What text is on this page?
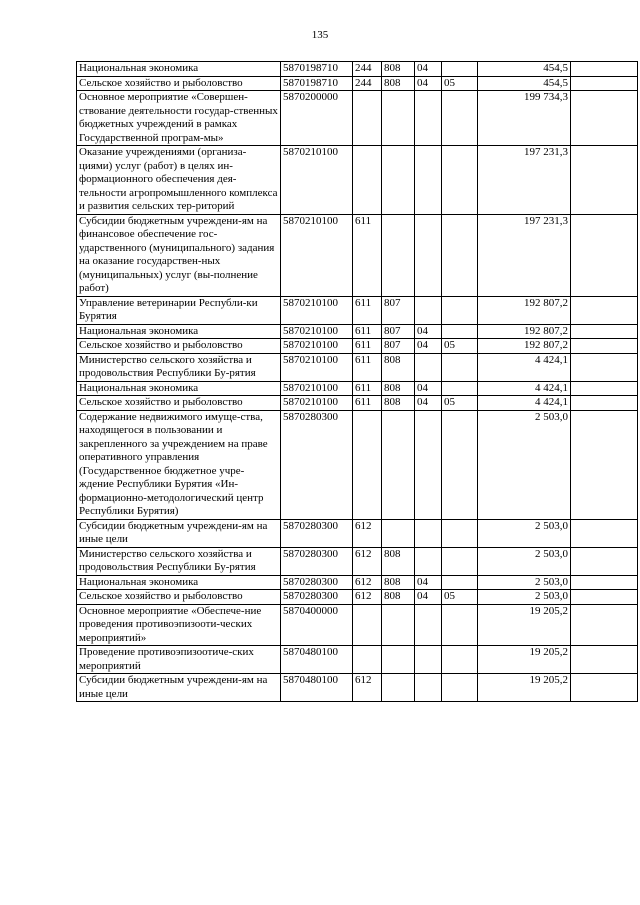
135
Национальная экономика	5870198710	244	808	04		454,5	
Сельское хозяйство и рыболовство	5870198710	244	808	04	05	454,5	
Основное мероприятие «Совершен-ствование деятельности государ-ственных бюджетных учреждений в рамках Государственной програм-мы»	5870200000					199 734,3	
Оказание учреждениями (организа-циями) услуг (работ) в целях ин-формационного обеспечения дея-тельности агропромышленного комплекса и развития сельских тер-риторий	5870210100					197 231,3	
Субсидии бюджетным учреждени-ям на финансовое обеспечение гос-ударственного (муниципального) задания на оказание государствен-ных (муниципальных) услуг (вы-полнение работ)	5870210100	611				197 231,3	
Управление ветеринарии Республи-ки Бурятия	5870210100	611	807			192 807,2	
Национальная экономика	5870210100	611	807	04		192 807,2	
Сельское хозяйство и рыболовство	5870210100	611	807	04	05	192 807,2	
Министерство сельского хозяйства и продовольствия Республики Бу-рятия	5870210100	611	808			4 424,1	
Национальная экономика	5870210100	611	808	04		4 424,1	
Сельское хозяйство и рыболовство	5870210100	611	808	04	05	4 424,1	
Содержание недвижимого имуще-ства, находящегося в пользовании и закрепленного за учреждением на праве оперативного управления (Государственное бюджетное учре-ждение Республики Бурятия «Ин-формационно-методологический центр Республики Бурятия)	5870280300					2 503,0	
Субсидии бюджетным учреждени-ям на иные цели	5870280300	612				2 503,0	
Министерство сельского хозяйства и продовольствия Республики Бу-рятия	5870280300	612	808			2 503,0	
Национальная экономика	5870280300	612	808	04		2 503,0	
Сельское хозяйство и рыболовство	5870280300	612	808	04	05	2 503,0	
Основное мероприятие «Обеспече-ние проведения противоэпизооти-ческих мероприятий»	5870400000					19 205,2	
Проведение противоэпизоотиче-ских мероприятий	5870480100					19 205,2	
Субсидии бюджетным учреждени-ям на иные цели	5870480100	612				19 205,2	
